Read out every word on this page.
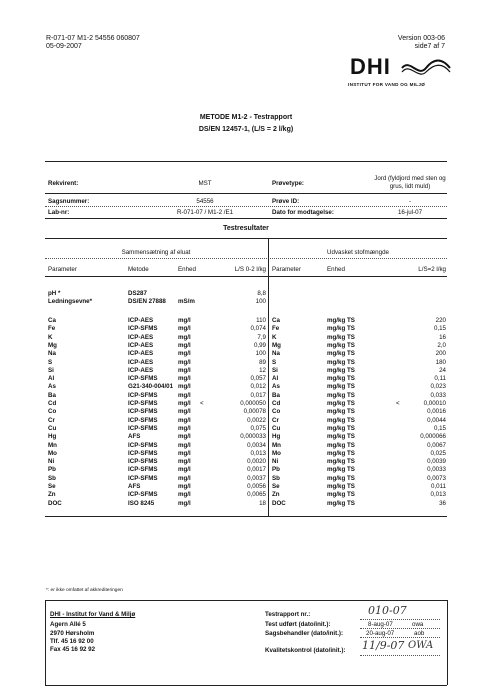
R-071-07 M1-2 54556 060807
05-09-2007
Version 003-06
side7 af 7
DHI
INSTITUT FOR VAND OG MILJØ
METODE M1-2 - Testrapport
DS/EN 12457-1, (L/S = 2 l/kg)
Rekvirent:	MST	Prøvetype:
Jord (fyldjord med sten og
grus, lidt muld)
Sagsnummer:	54556	Prøve ID:	-
Lab-nr:	R-071-07 / M1-2 /E1	Dato for modtagelse:	16-jul-07
Testresultater
Sammensætning af eluat	Udvasket stofmængde
Parameter	Metode	Enhed	L/S 0-2 l/kg Parameter	Enhed	L/S=2 l/kg
pH *	DS287	8,8
Ledningsevne*	DS/EN 27888 mS/m	100
Ca	ICP-AES	mg/l	110 Ca	mg/kg TS	220
Fe	ICP-SFMS	mg/l	0,074 Fe	mg/kg TS	0,15
K	ICP-AES	mg/l	7,9 K	mg/kg TS	16
Mg	ICP-AES	mg/l	0,99 Mg	mg/kg TS	2,0
Na	ICP-AES	mg/l	100 Na	mg/kg TS	200
S	ICP-AES	mg/l	89 S	mg/kg TS	180
Si	ICP-AES	mg/l	12 Si	mg/kg TS	24
Al	ICP-SFMS	mg/l	0,057 Al	mg/kg TS	0,11
As	G21-340-004/01 mg/l	0,012 As	mg/kg TS	0,023
Ba	ICP-SFMS	mg/l	0,017 Ba	mg/kg TS	0,033
Cd	ICP-SFMS	mg/l <	0,000050 Cd	mg/kg TS	<	0,00010
Co	ICP-SFMS	mg/l	0,00078 Co	mg/kg TS	0,0016
Cr	ICP-SFMS	mg/l	0,0022 Cr	mg/kg TS	0,0044
Cu	ICP-SFMS	mg/l	0,075 Cu	mg/kg TS	0,15
Hg	AFS	mg/l	0,000033 Hg	mg/kg TS	0,000066
Mn	ICP-SFMS	mg/l	0,0034 Mn	mg/kg TS	0,0067
Mo	ICP-SFMS	mg/l	0,013 Mo	mg/kg TS	0,025
Ni	ICP-SFMS	mg/l	0,0020 Ni	mg/kg TS	0,0039
Pb	ICP-SFMS	mg/l	0,0017 Pb	mg/kg TS	0,0033
Sb	ICP-SFMS	mg/l	0,0037 Sb	mg/kg TS	0,0073
Se	AFS	mg/l	0,0056 Se	mg/kg TS	0,011
Zn	ICP-SFMS	mg/l	0,0065 Zn	mg/kg TS	0,013
DOC	ISO 8245	mg/l	18 DOC	mg/kg TS	36
*: er ikke omfattet af akkrediteringen
DHI - Institut for Vand & Miljø
Agern Allé 5
2970 Hørsholm
Tlf. 45 16 92 00
Fax 45 16 92 92
Testrapport nr.:	010-07
Test udført (dato/init.):	8-aug-07	owa
Sagsbehandler (dato/init.):	20-aug-07	aob
Kvalitetskontrol (dato/init.): 11/9-07 OWA
